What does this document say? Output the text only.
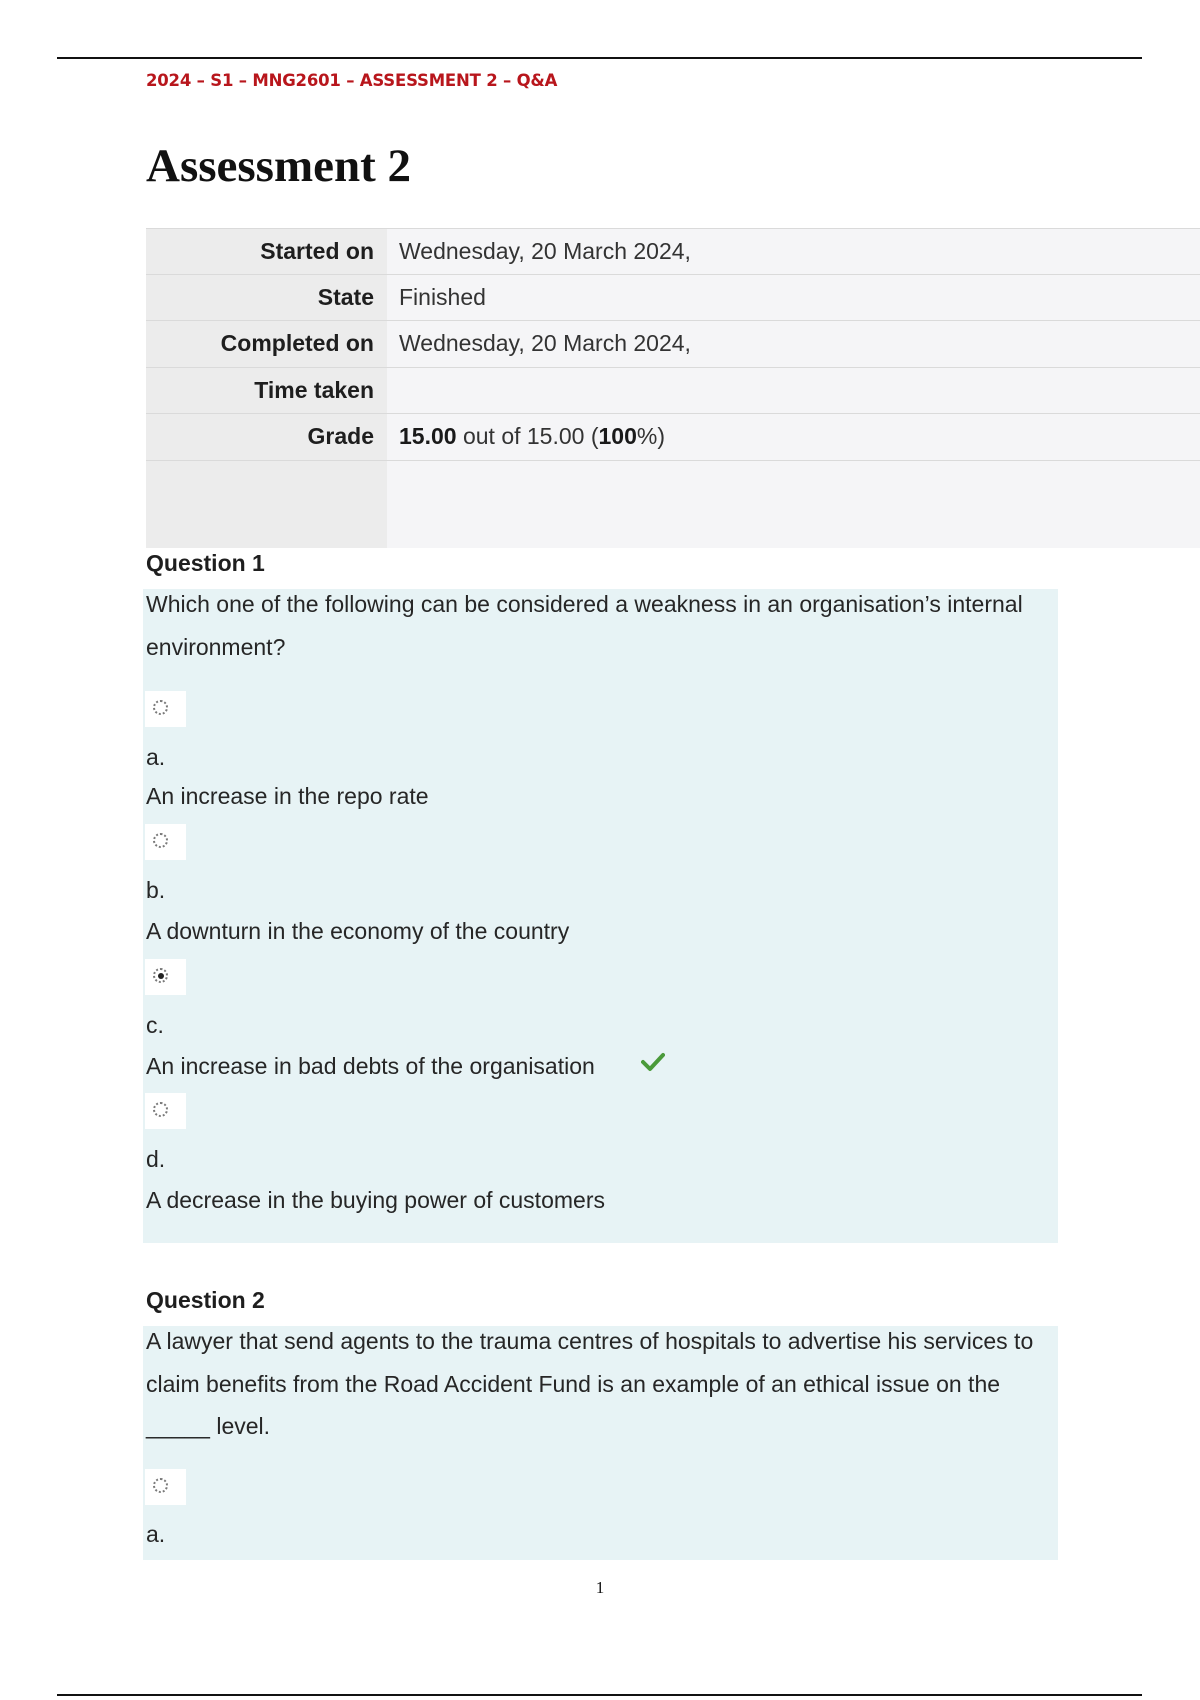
2024 – S1 – MNG2601 – ASSESSMENT 2 – Q&A
Assessment 2
Started on Wednesday, 20 March 2024,
State Finished
Completed on Wednesday, 20 March 2024,
Time taken
Grade 15.00 out of 15.00 (100%)
Question 1

Which one of the following can be considered a weakness in an organisation’s internal environment?

a.
An increase in the repo rate
b.
A downturn in the economy of the country
c.
An increase in bad debts of the organisation
d.
A decrease in the buying power of customers
Question 2

A lawyer that send agents to the trauma centres of hospitals to advertise his services to claim benefits from the Road Accident Fund is an example of an ethical issue on the _____ level.

a.
1
